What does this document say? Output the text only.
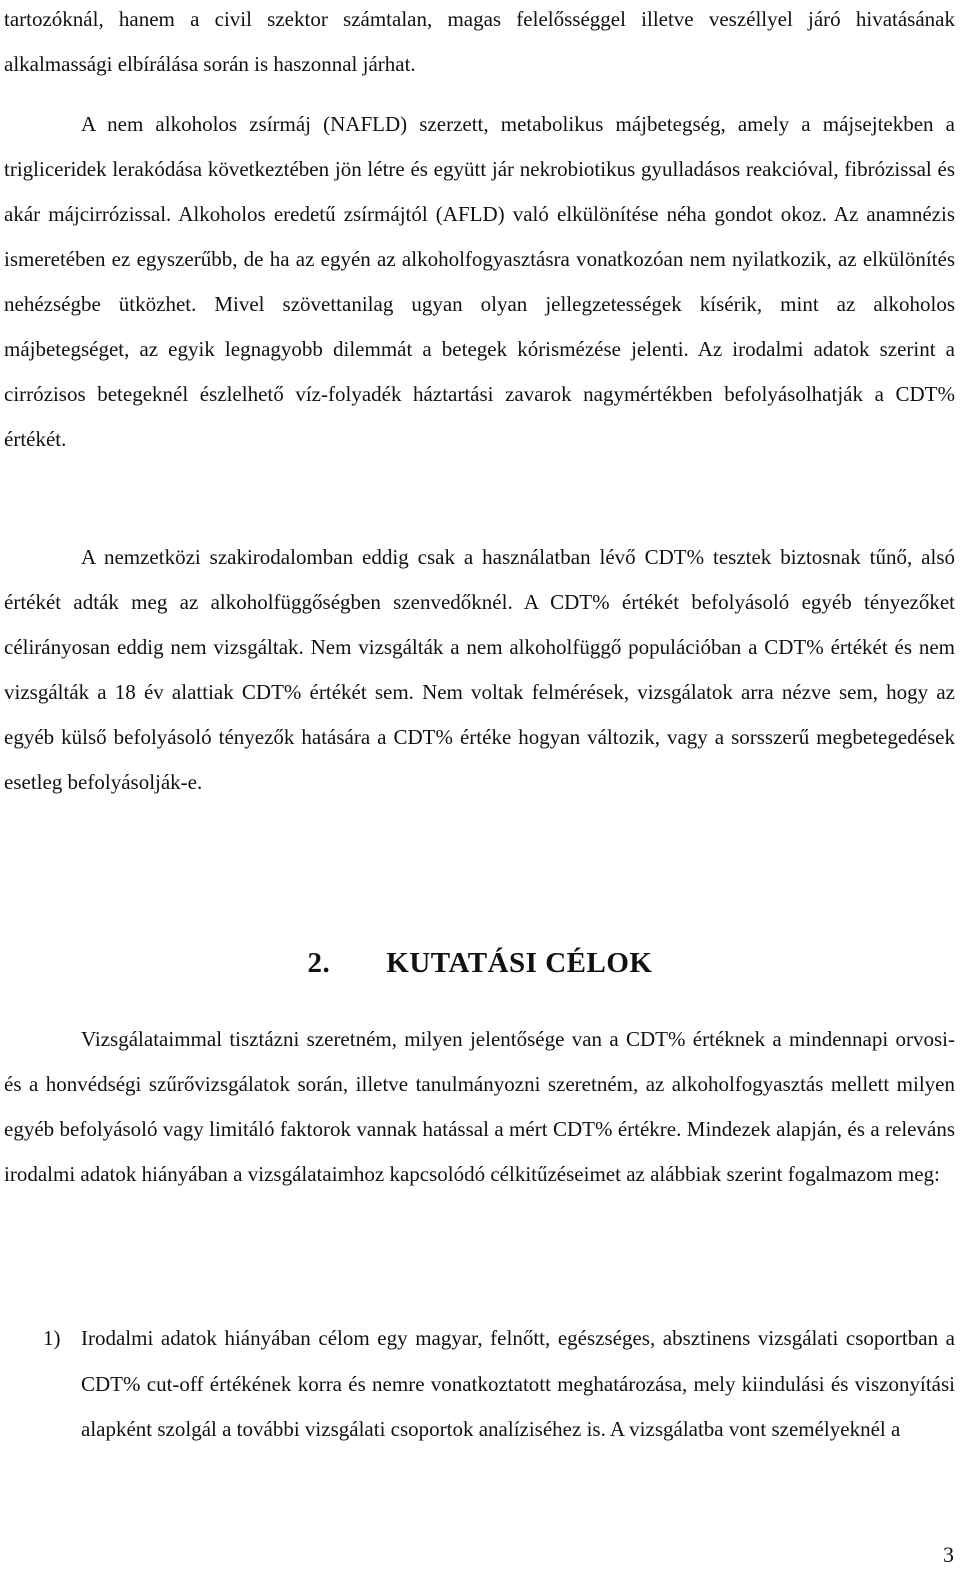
tartozóknál, hanem a civil szektor számtalan, magas felelősséggel illetve veszéllyel járó hivatásának alkalmassági elbírálása során is haszonnal járhat.

A nem alkoholos zsírmáj (NAFLD) szerzett, metabolikus májbetegség, amely a májsejtekben a trigliceridek lerakódása következtében jön létre és együtt jár nekrobiotikus gyulladásos reakcióval, fibrózissal és akár májcirrózissal. Alkoholos eredetű zsírmájtól (AFLD) való elkülönítése néha gondot okoz. Az anamnézis ismeretében ez egyszerűbb, de ha az egyén az alkoholfogyasztásra vonatkozóan nem nyilatkozik, az elkülönítés nehézségbe ütközhet. Mivel szövettanilag ugyan olyan jellegzetességek kísérik, mint az alkoholos májbetegséget, az egyik legnagyobb dilemmát a betegek kórismézése jelenti. Az irodalmi adatok szerint a cirrózisos betegeknél észlelhető víz-folyadék háztartási zavarok nagymértékben befolyásolhatják a CDT% értékét.

A nemzetközi szakirodalomban eddig csak a használatban lévő CDT% tesztek biztosnak tűnő, alsó értékét adták meg az alkoholfüggőségben szenvedőknél. A CDT% értékét befolyásoló egyéb tényezőket célirányosan eddig nem vizsgáltak. Nem vizsgálták a nem alkoholfüggő populációban a CDT% értékét és nem vizsgálták a 18 év alattiak CDT% értékét sem. Nem voltak felmérések, vizsgálatok arra nézve sem, hogy az egyéb külső befolyásoló tényezők hatására a CDT% értéke hogyan változik, vagy a sorsszerű megbetegedések esetleg befolyásolják-e.

2. KUTATÁSI CÉLOK

Vizsgálataimmal tisztázni szeretném, milyen jelentősége van a CDT% értéknek a mindennapi orvosi- és a honvédségi szűrővizsgálatok során, illetve tanulmányozni szeretném, az alkoholfogyasztás mellett milyen egyéb befolyásoló vagy limitáló faktorok vannak hatással a mért CDT% értékre. Mindezek alapján, és a releváns irodalmi adatok hiányában a vizsgálataimhoz kapcsolódó célkitűzéseimet az alábbiak szerint fogalmazom meg:

1) Irodalmi adatok hiányában célom egy magyar, felnőtt, egészséges, absztinens vizsgálati csoportban a CDT% cut-off értékének korra és nemre vonatkoztatott meghatározása, mely kiindulási és viszonyítási alapként szolgál a további vizsgálati csoportok analíziséhez is. A vizsgálatba vont személyeknél a
3
